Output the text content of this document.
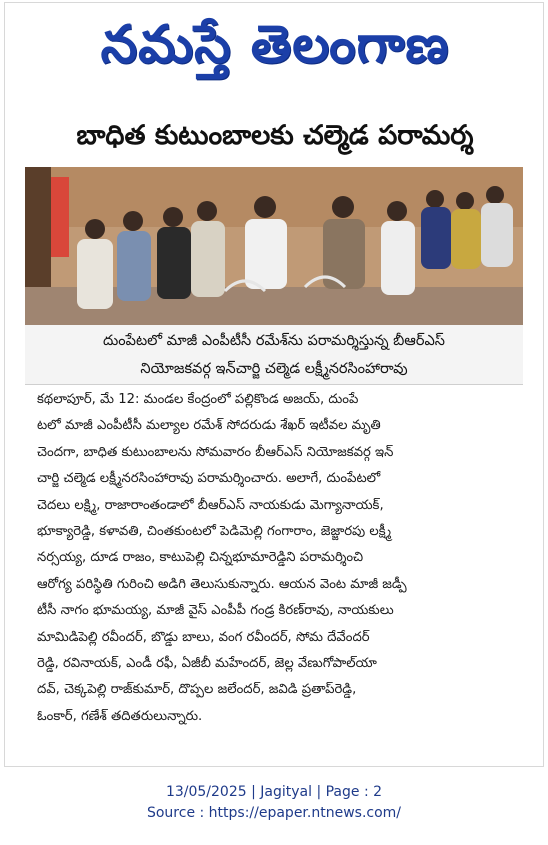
నమస్తే తెలంగాణ
బాధిత కుటుంబాలకు చల్మెడ పరామర్శ
దుంపేటలో మాజీ ఎంపీటీసీ రమేశ్‌ను పరామర్శిస్తున్న బీఆర్‌ఎస్
నియోజకవర్గ ఇన్‌చార్జి చల్మెడ లక్ష్మీనరసింహారావు
కథలాపూర్‌, మే 12: మండల కేంద్రంలో పల్లికొండ అజయ్‌, దుంపే
టలో మాజీ ఎంపీటీసీ మల్యాల రమేశ్‌ సోదరుడు శేఖర్‌ ఇటీవల మృతి
చెందగా, బాధిత కుటుంబాలను సోమవారం బీఆర్‌ఎస్‌ నియోజకవర్గ ఇన్‌
చార్జి చల్మెడ లక్ష్మీనరసింహారావు పరామర్శించారు. అలాగే, దుంపేటలో
చెదలు లక్ష్మి, రాజారాంతండాలో బీఆర్‌ఎస్‌ నాయకుడు మెగ్యానాయక్‌,
భూక్యారెడ్డి, కళావతి, చింతకుంటలో పెడిమెల్లి గంగారాం, జెజ్జారపు లక్ష్మీ
నర్సయ్య, దూడ రాజం, కాటుపెల్లి చిన్నభూమారెడ్డిని పరామర్శించి
ఆరోగ్య పరిస్థితి గురించి అడిగి తెలుసుకున్నారు. ఆయన వెంట మాజీ జడ్పీ
టీసీ నాగం భూమయ్య, మాజీ వైస్‌ ఎంపీపీ గండ్ర కిరణ్‌రావు, నాయకులు
మామిడిపెల్లి రవీందర్‌, బొడ్డు బాలు, వంగ రవీందర్‌, సోమ దేవేందర్‌
రెడ్డి, రవినాయక్‌, ఎండీ రఫీ, ఏజీబీ మహేందర్‌, జెల్ల వేణుగోపాల్‌యా
దవ్‌, చెక్కపెల్లి రాజ్‌కుమార్‌, దొప్పల జలేందర్‌, జవిడి ప్రతాప్‌రెడ్డి,
ఓంకార్‌, గణేశ్‌ తదితరులున్నారు.
13/05/2025 | Jagityal | Page : 2
Source : https://epaper.ntnews.com/
